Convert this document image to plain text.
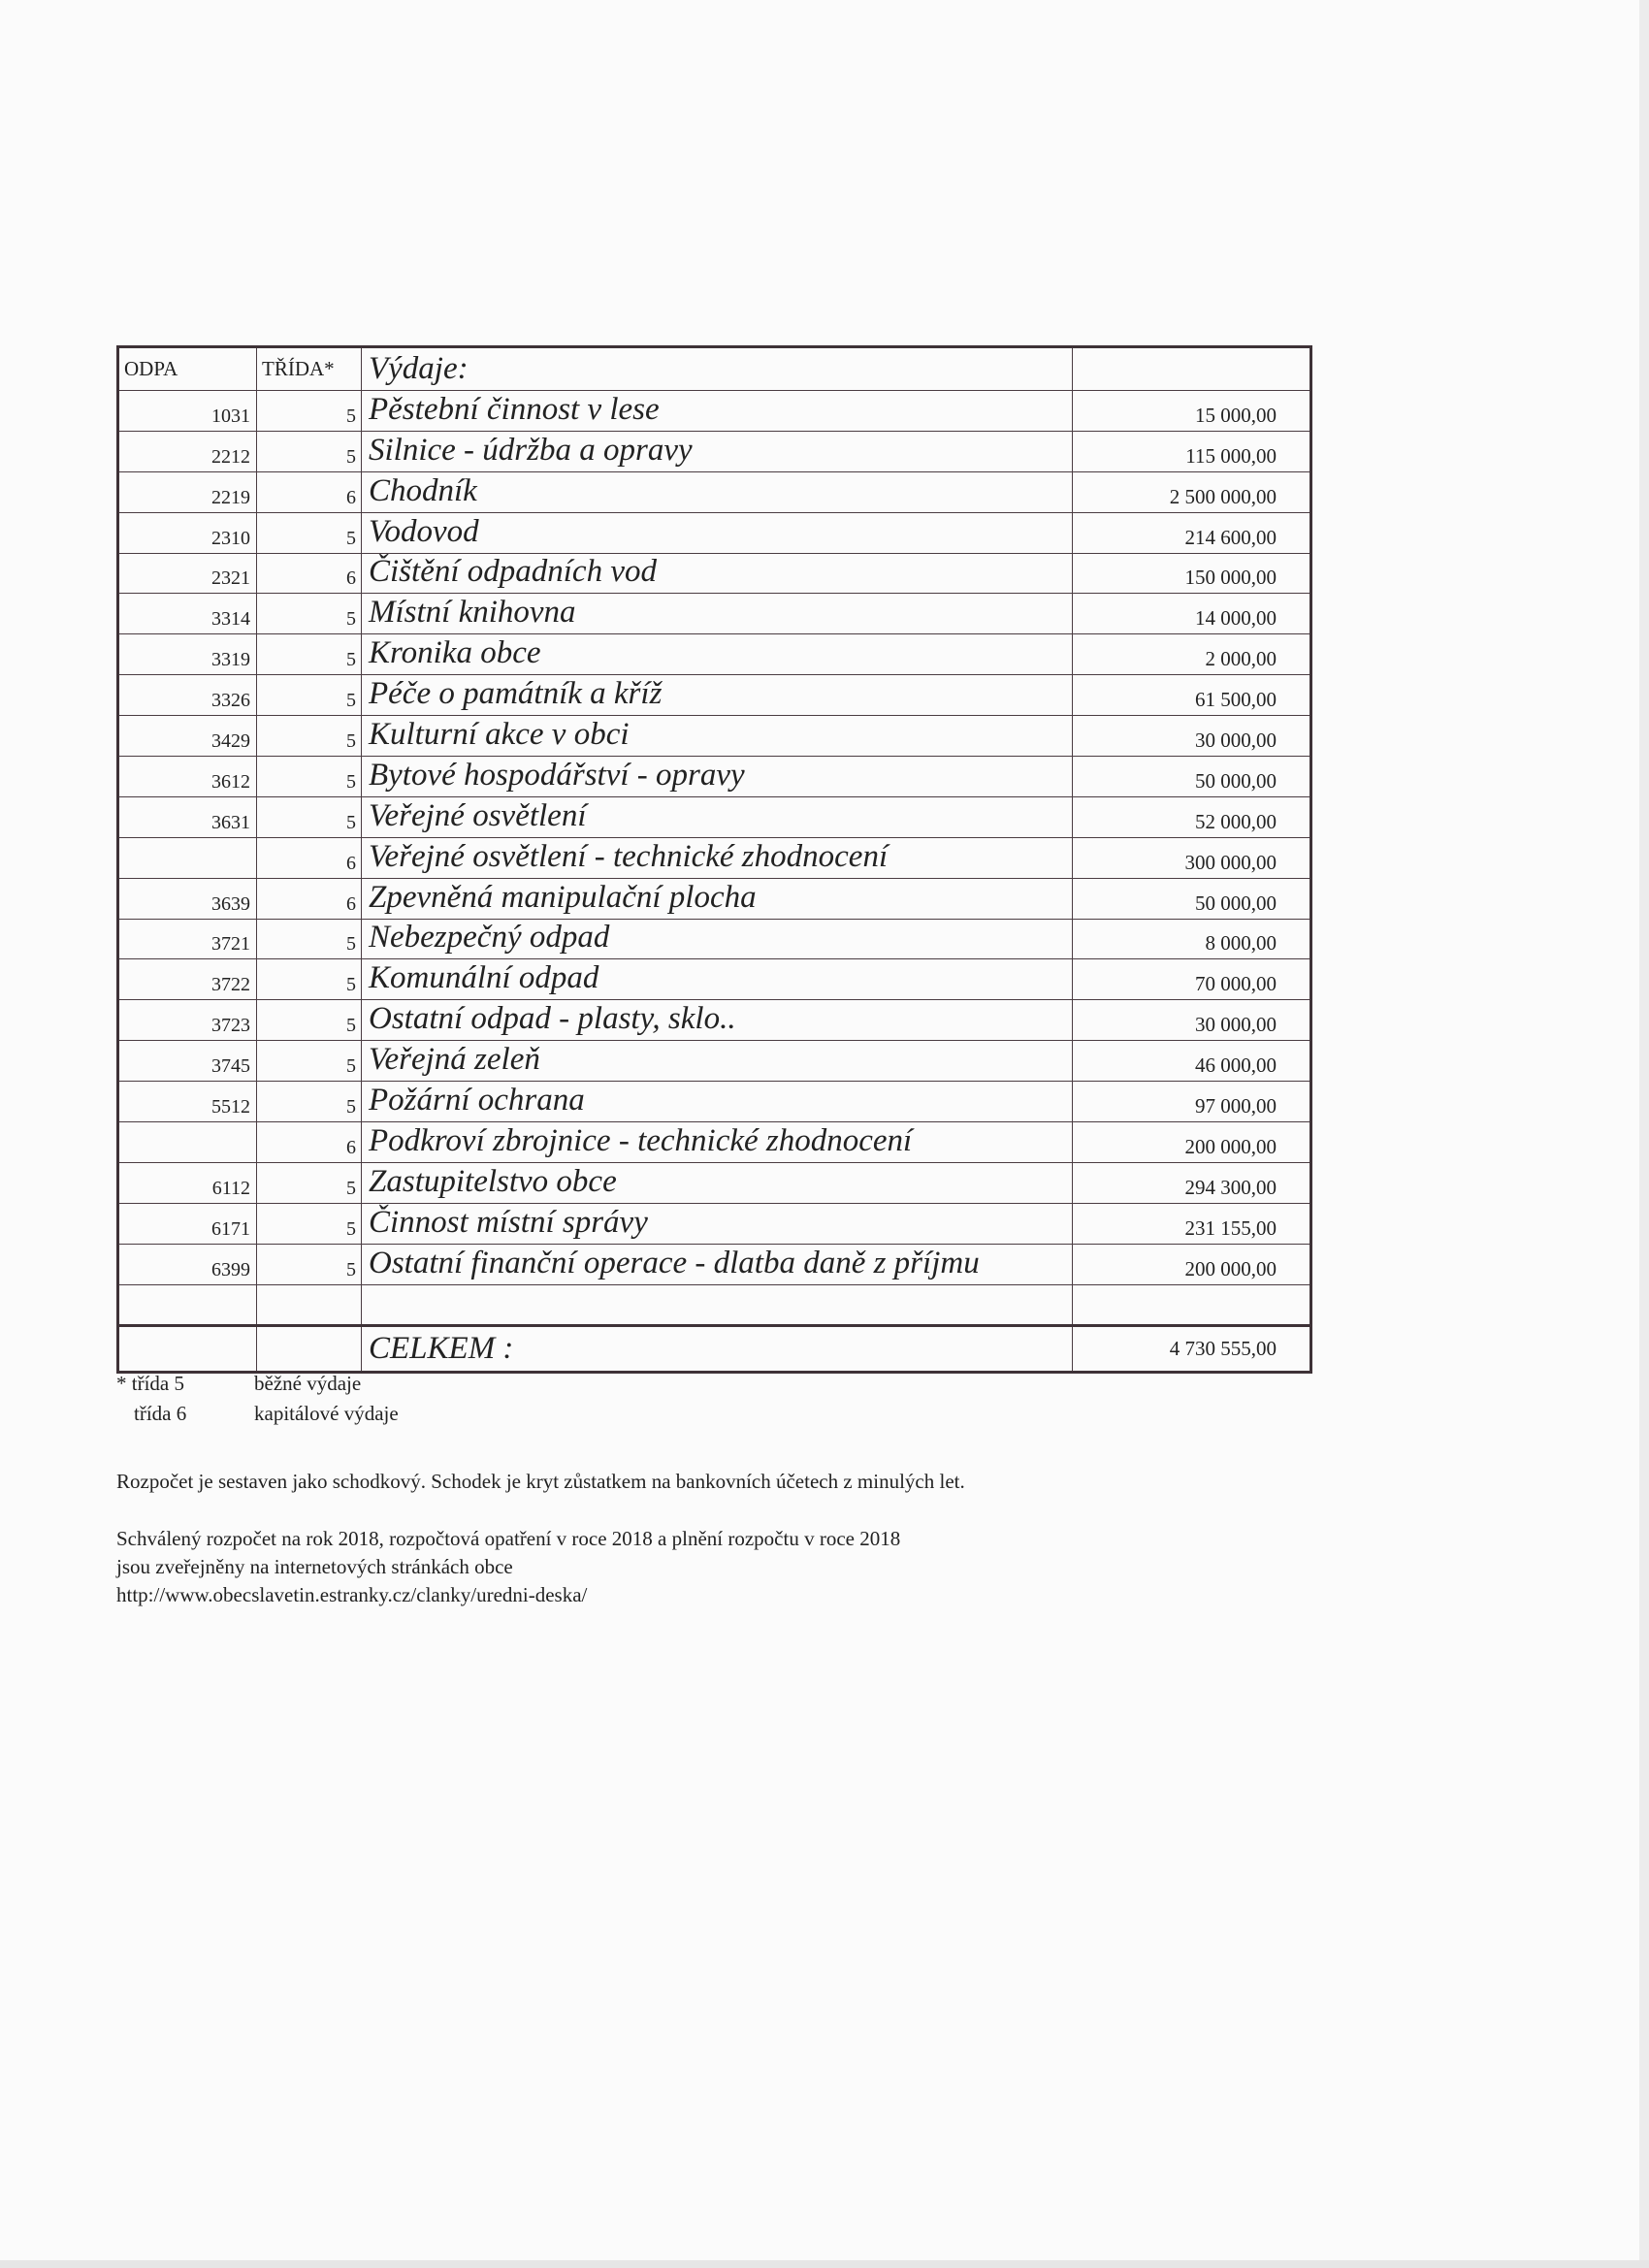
ODPA	TŘÍDA*	Výdaje:	
1031	5	Pěstební činnost v lese	15 000,00
2212	5	Silnice - údržba a opravy	115 000,00
2219	6	Chodník	2 500 000,00
2310	5	Vodovod	214 600,00
2321	6	Čištění odpadních vod	150 000,00
3314	5	Místní knihovna	14 000,00
3319	5	Kronika obce	2 000,00
3326	5	Péče o památník a kříž	61 500,00
3429	5	Kulturní akce v obci	30 000,00
3612	5	Bytové hospodářství - opravy	50 000,00
3631	5	Veřejné osvětlení	52 000,00
	6	Veřejné osvětlení - technické zhodnocení	300 000,00
3639	6	Zpevněná manipulační plocha	50 000,00
3721	5	Nebezpečný odpad	8 000,00
3722	5	Komunální odpad	70 000,00
3723	5	Ostatní odpad - plasty, sklo..	30 000,00
3745	5	Veřejná zeleň	46 000,00
5512	5	Požární ochrana	97 000,00
	6	Podkroví zbrojnice - technické zhodnocení	200 000,00
6112	5	Zastupitelstvo obce	294 300,00
6171	5	Činnost místní správy	231 155,00
6399	5	Ostatní finanční operace - dlatba daně z příjmu	200 000,00

		CELKEM :	4 730 555,00
* třída 5	běžné výdaje
třída 6	kapitálové výdaje
Rozpočet je sestaven jako schodkový. Schodek je kryt zůstatkem na bankovních účetech z minulých let.
Schválený rozpočet na rok 2018, rozpočtová opatření v roce 2018 a plnění rozpočtu v roce 2018
jsou zveřejněny na internetových stránkách obce
http://www.obecslavetin.estranky.cz/clanky/uredni-deska/
